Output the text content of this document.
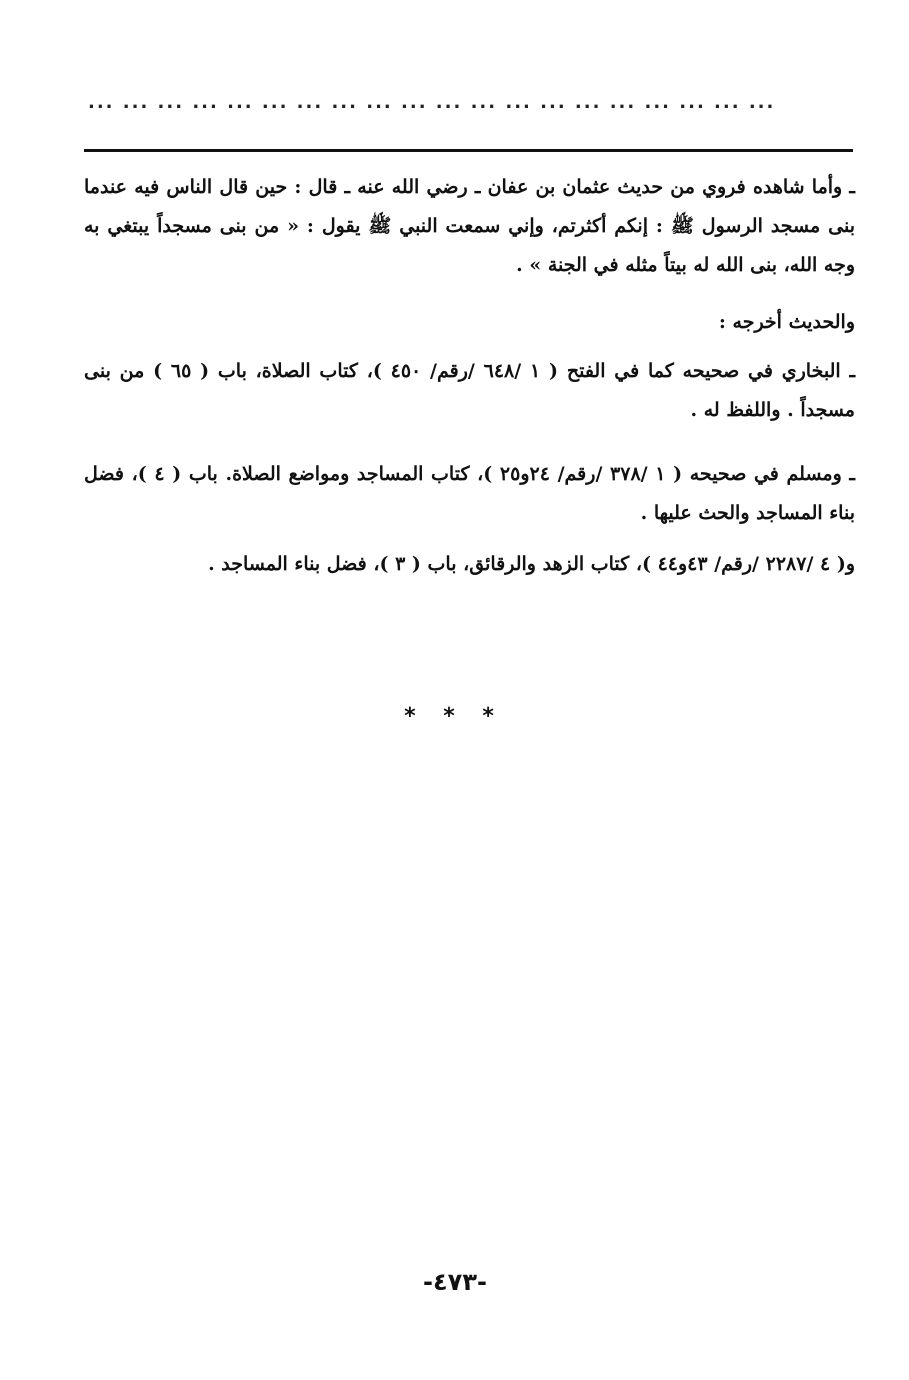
... ... ... ... ... ... ... ... ... ... ... ... ... ... ... ... ... ... ... ...
ـ وأما شاهده فروي من حديث عثمان بن عفان ـ رضي الله عنه ـ قال : حين قال الناس فيه عندما بنى مسجد الرسول ﷺ : إنكم أكثرتم، وإني سمعت النبي ﷺ يقول : « من بنى مسجداً يبتغي به وجه الله، بنى الله له بيتاً مثله في الجنة » .
والحديث أخرجه :
ـ البخاري في صحيحه كما في الفتح ( ١ /٦٤٨ /رقم/ ٤٥٠ )، كتاب الصلاة، باب ( ٦٥ ) من بنى مسجداً . واللفظ له .
ـ ومسلم في صحيحه ( ١ /٣٧٨ /رقم/ ٢٤و٢٥ )، كتاب المساجد ومواضع الصلاة. باب ( ٤ )، فضل بناء المساجد والحث عليها .
و( ٤ /٢٢٨٧ /رقم/ ٤٣و٤٤ )، كتاب الزهد والرقائق، باب ( ٣ )، فضل بناء المساجد .
* * *
-٤٧٣-
